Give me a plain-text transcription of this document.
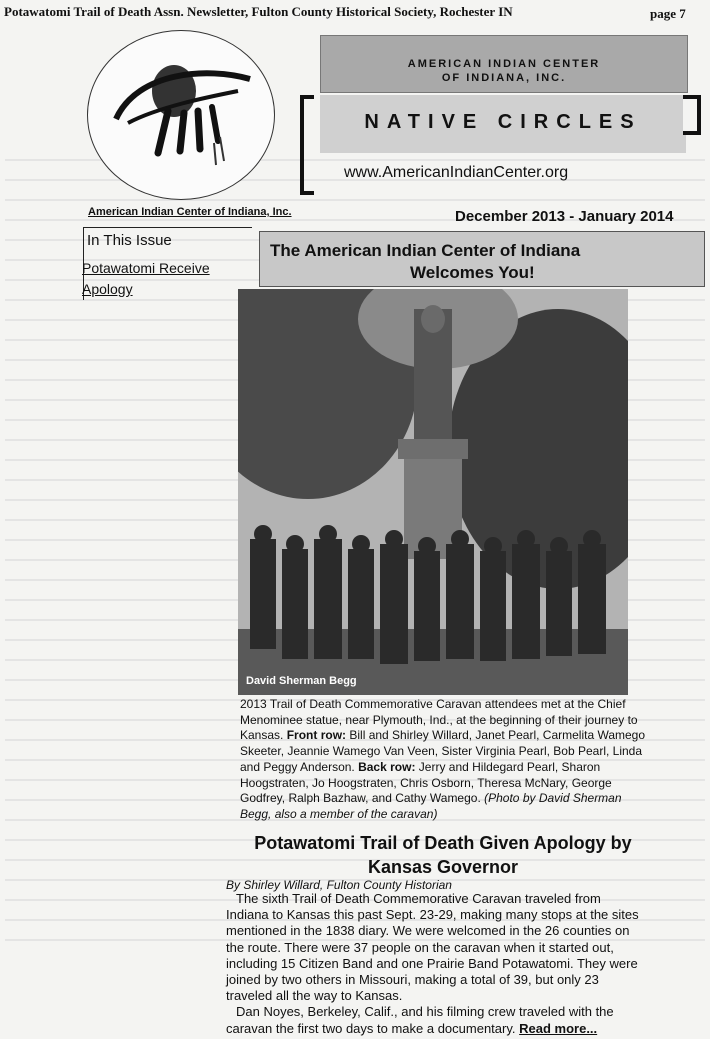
Potawatomi Trail of Death Assn. Newsletter, Fulton County Historical Society, Rochester IN	page 7
American Indian Center of Indiana, Inc.
AMERICAN INDIAN CENTER
OF INDIANA, INC.
NATIVE CIRCLES
www.AmericanIndianCenter.org
December 2013 - January 2014
In This Issue
Potawatomi Receive
Apology
The American Indian Center of Indiana
Welcomes You!
David Sherman Begg
2013 Trail of Death Commemorative Caravan attendees met at the Chief Menominee statue, near Plymouth, Ind., at the beginning of their journey to Kansas. Front row: Bill and Shirley Willard, Janet Pearl, Carmelita Wamego Skeeter, Jeannie Wamego Van Veen, Sister Virginia Pearl, Bob Pearl, Linda and Peggy Anderson. Back row: Jerry and Hildegard Pearl, Sharon Hoogstraten, Jo Hoogstraten, Chris Osborn, Theresa McNary, George Godfrey, Ralph Bazhaw, and Cathy Wamego. (Photo by David Sherman Begg, also a member of the caravan)
Potawatomi Trail of Death Given Apology by Kansas Governor
By Shirley Willard, Fulton County Historian
The sixth Trail of Death Commemorative Caravan traveled from Indiana to Kansas this past Sept. 23-29, making many stops at the sites mentioned in the 1838 diary. We were welcomed in the 26 counties on the route. There were 37 people on the caravan when it started out, including 15 Citizen Band and one Prairie Band Potawatomi. They were joined by two others in Missouri, making a total of 39, but only 23 traveled all the way to Kansas.
Dan Noyes, Berkeley, Calif., and his filming crew traveled with the caravan the first two days to make a documentary. Read more...
